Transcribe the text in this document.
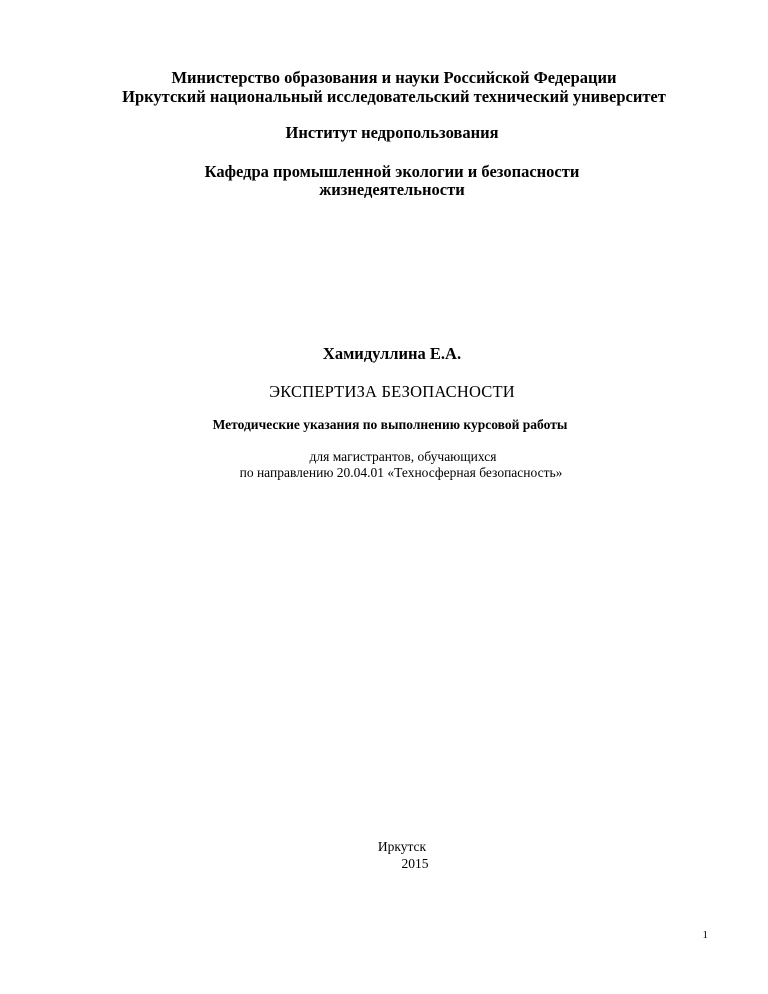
Министерство образования и науки Российской Федерации
Иркутский национальный исследовательский технический университет
Институт недропользования
Кафедра промышленной экологии и безопасности
жизнедеятельности
Хамидуллина Е.А.
ЭКСПЕРТИЗА БЕЗОПАСНОСТИ
Методические указания по выполнению курсовой работы
для магистрантов, обучающихся
по направлению 20.04.01 «Техносферная безопасность»
Иркутск
2015
1
